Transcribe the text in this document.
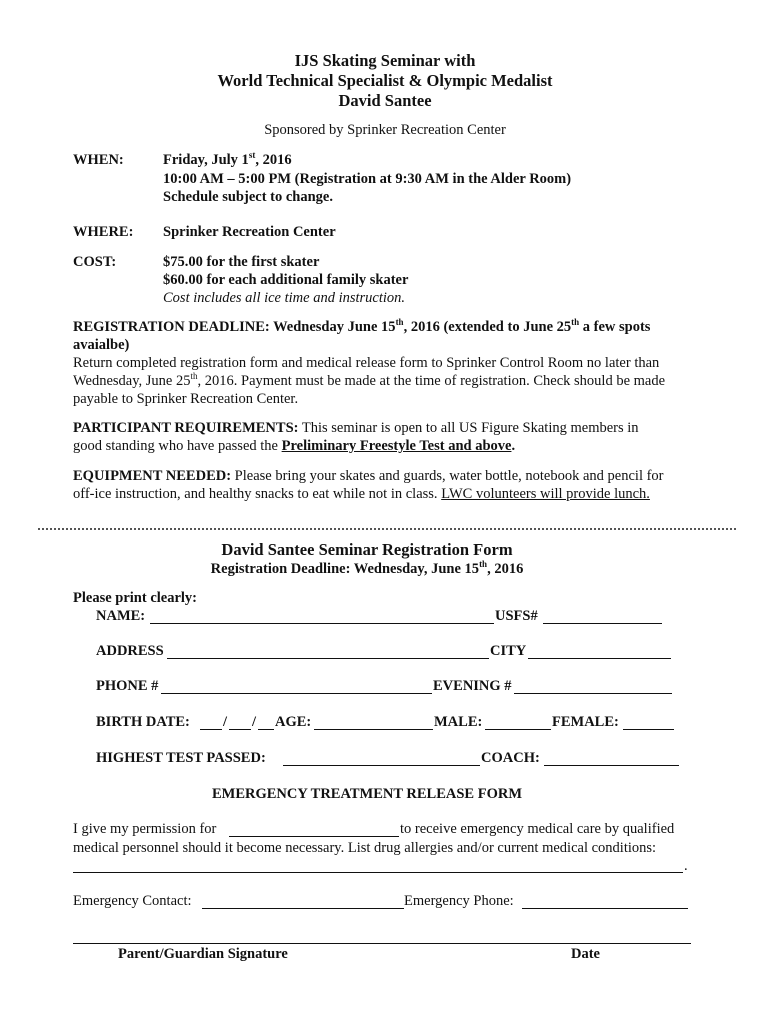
IJS Skating Seminar with
World Technical Specialist & Olympic Medalist
David Santee
Sponsored by Sprinker Recreation Center
WHEN:	Friday, July 1st, 2016
10:00 AM – 5:00 PM (Registration at 9:30 AM in the Alder Room)
Schedule subject to change.
WHERE: Sprinker Recreation Center
COST:	$75.00 for the first skater
$60.00 for each additional family skater
Cost includes all ice time and instruction.
REGISTRATION DEADLINE: Wednesday June 15th, 2016 (extended to June 25th a few spots
avaialbe)
Return completed registration form and medical release form to Sprinker Control Room no later than
Wednesday, June 25th, 2016. Payment must be made at the time of registration. Check should be made
payable to Sprinker Recreation Center.
PARTICIPANT REQUIREMENTS: This seminar is open to all US Figure Skating members in
good standing who have passed the Preliminary Freestyle Test and above.
EQUIPMENT NEEDED: Please bring your skates and guards, water bottle, notebook and pencil for
off-ice instruction, and healthy snacks to eat while not in class. LWC volunteers will provide lunch.
David Santee Seminar Registration Form
Registration Deadline: Wednesday, June 15th, 2016
Please print clearly:
NAME:	USFS#
ADDRESS	CITY
PHONE #	EVENING #
BIRTH DATE: / / AGE:	MALE:	FEMALE:
HIGHEST TEST PASSED:	COACH:
EMERGENCY TREATMENT RELEASE FORM
I give my permission for	to receive emergency medical care by qualified
medical personnel should it become necessary. List drug allergies and/or current medical conditions:
.
Emergency Contact:	Emergency Phone:
Parent/Guardian Signature	Date
